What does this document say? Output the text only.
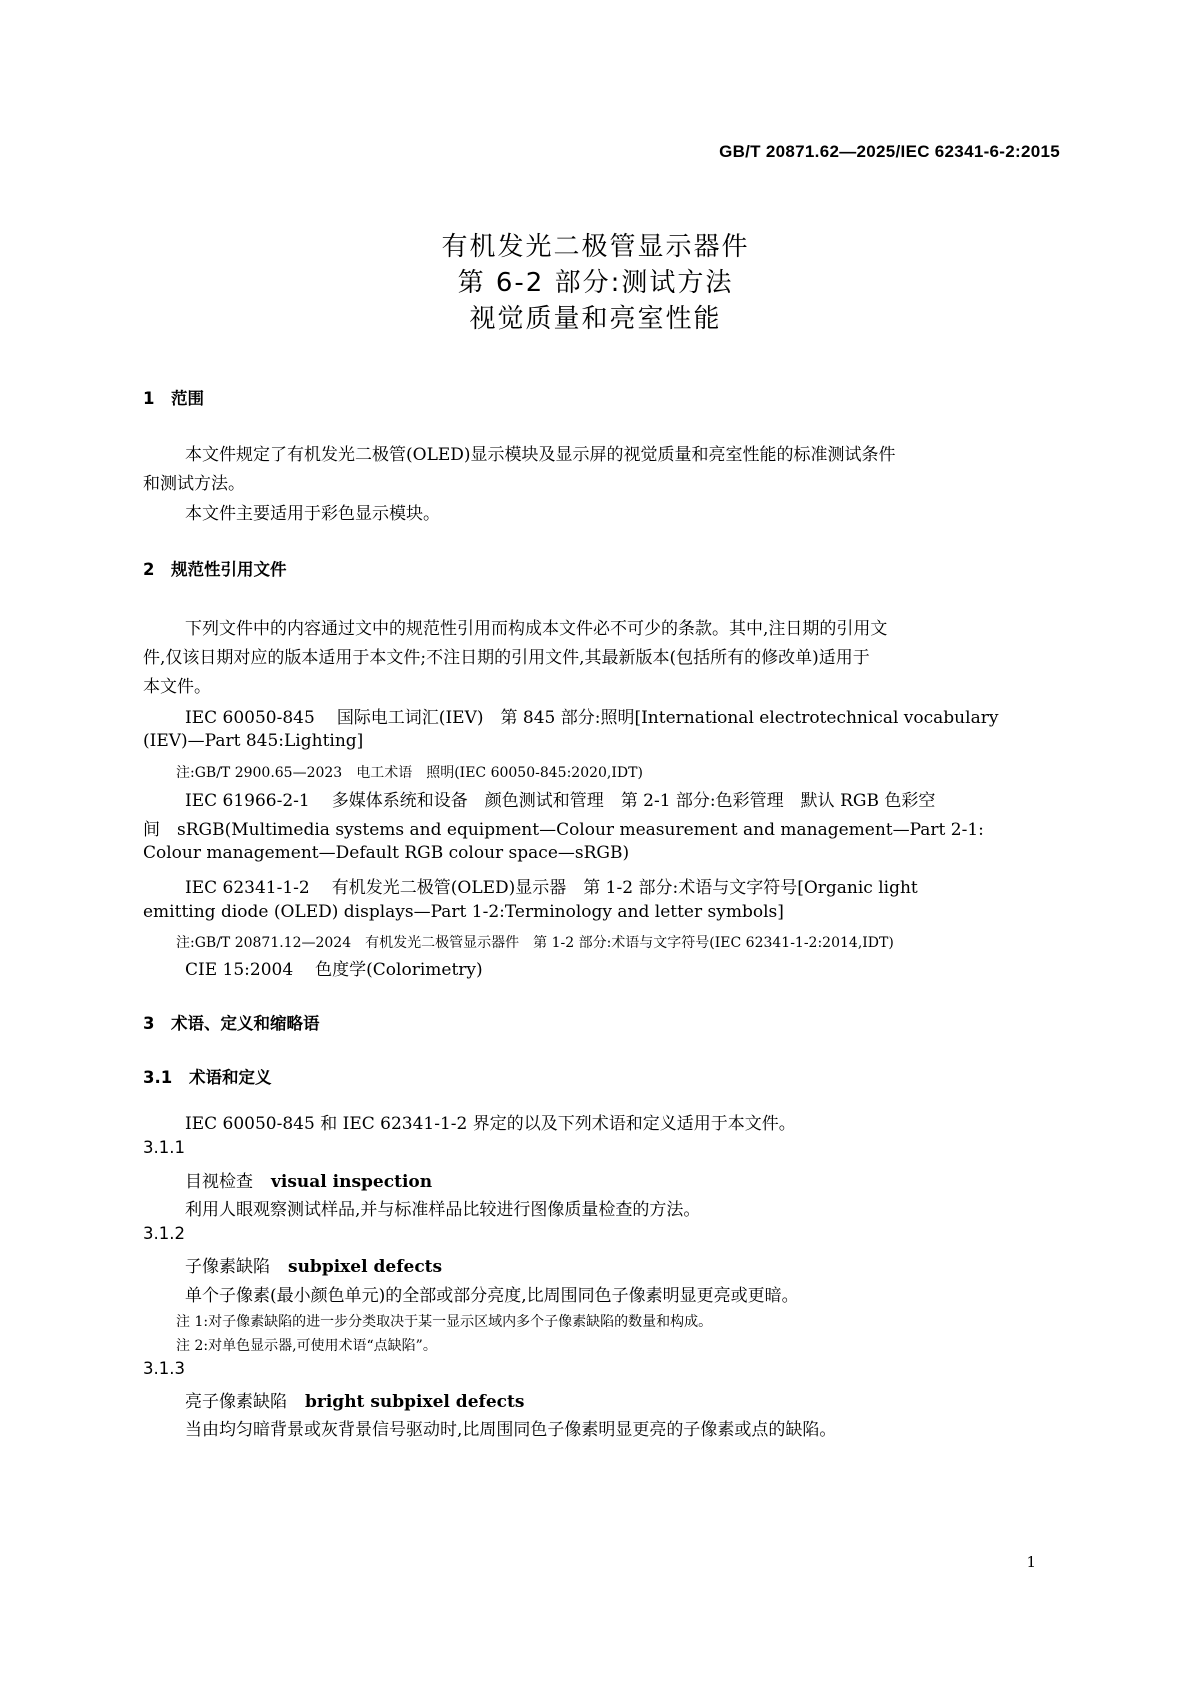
GB/T 20871.62—2025/IEC 62341-6-2:2015
有机发光二极管显示器件
第 6-2 部分:测试方法
视觉质量和亮室性能
1 范围
本文件规定了有机发光二极管(OLED)显示模块及显示屏的视觉质量和亮室性能的标准测试条件
和测试方法。
本文件主要适用于彩色显示模块。
2 规范性引用文件
下列文件中的内容通过文中的规范性引用而构成本文件必不可少的条款。其中,注日期的引用文
件,仅该日期对应的版本适用于本文件;不注日期的引用文件,其最新版本(包括所有的修改单)适用于
本文件。
IEC 60050-845 国际电工词汇(IEV)　第 845 部分:照明[International electrotechnical vocabulary
(IEV)—Part 845:Lighting]
注:GB/T 2900.65—2023　电工术语　照明(IEC 60050-845:2020,IDT)
IEC 61966-2-1 多媒体系统和设备　颜色测试和管理　第 2-1 部分:色彩管理　默认 RGB 色彩空
间　sRGB(Multimedia systems and equipment—Colour measurement and management—Part 2-1:
Colour management—Default RGB colour space—sRGB)
IEC 62341-1-2 有机发光二极管(OLED)显示器　第 1-2 部分:术语与文字符号[Organic light
emitting diode (OLED) displays—Part 1-2:Terminology and letter symbols]
注:GB/T 20871.12—2024　有机发光二极管显示器件　第 1-2 部分:术语与文字符号(IEC 62341-1-2:2014,IDT)
CIE 15:2004 色度学(Colorimetry)
3 术语、定义和缩略语
3.1 术语和定义
IEC 60050-845 和 IEC 62341-1-2 界定的以及下列术语和定义适用于本文件。
3.1.1
目视检查 visual inspection
利用人眼观察测试样品,并与标准样品比较进行图像质量检查的方法。
3.1.2
子像素缺陷 subpixel defects
单个子像素(最小颜色单元)的全部或部分亮度,比周围同色子像素明显更亮或更暗。
注 1:对子像素缺陷的进一步分类取决于某一显示区域内多个子像素缺陷的数量和构成。
注 2:对单色显示器,可使用术语“点缺陷”。
3.1.3
亮子像素缺陷 bright subpixel defects
当由均匀暗背景或灰背景信号驱动时,比周围同色子像素明显更亮的子像素或点的缺陷。
1
